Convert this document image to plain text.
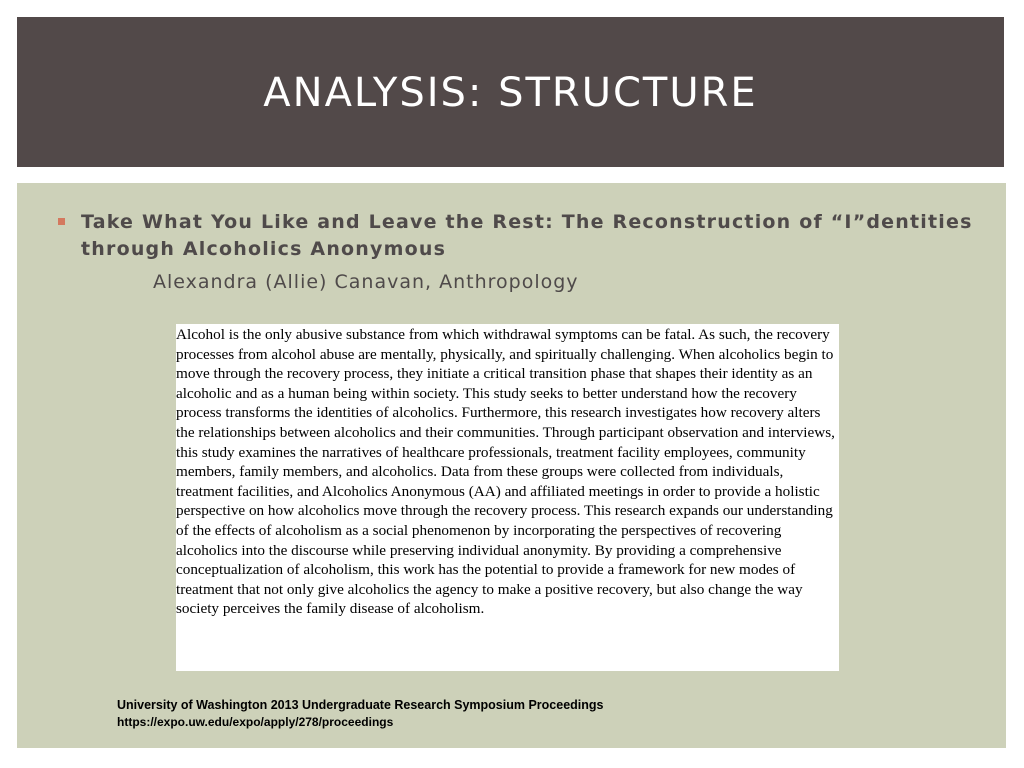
ANALYSIS: STRUCTURE
Take What You Like and Leave the Rest: The Reconstruction of “I”dentities through Alcoholics Anonymous
Alexandra (Allie) Canavan, Anthropology

Alcohol is the only abusive substance from which withdrawal symptoms can be fatal. As such, the recovery processes from alcohol abuse are mentally, physically, and spiritually challenging. When alcoholics begin to move through the recovery process, they initiate a critical transition phase that shapes their identity as an alcoholic and as a human being within society. This study seeks to better understand how the recovery process transforms the identities of alcoholics. Furthermore, this research investigates how recovery alters the relationships between alcoholics and their communities. Through participant observation and interviews, this study examines the narratives of healthcare professionals, treatment facility employees, community members, family members, and alcoholics. Data from these groups were collected from individuals, treatment facilities, and Alcoholics Anonymous (AA) and affiliated meetings in order to provide a holistic perspective on how alcoholics move through the recovery process. This research expands our understanding of the effects of alcoholism as a social phenomenon by incorporating the perspectives of recovering alcoholics into the discourse while preserving individual anonymity. By providing a comprehensive conceptualization of alcoholism, this work has the potential to provide a framework for new modes of treatment that not only give alcoholics the agency to make a positive recovery, but also change the way society perceives the family disease of alcoholism.

University of Washington 2013 Undergraduate Research Symposium Proceedings
https://expo.uw.edu/expo/apply/278/proceedings
